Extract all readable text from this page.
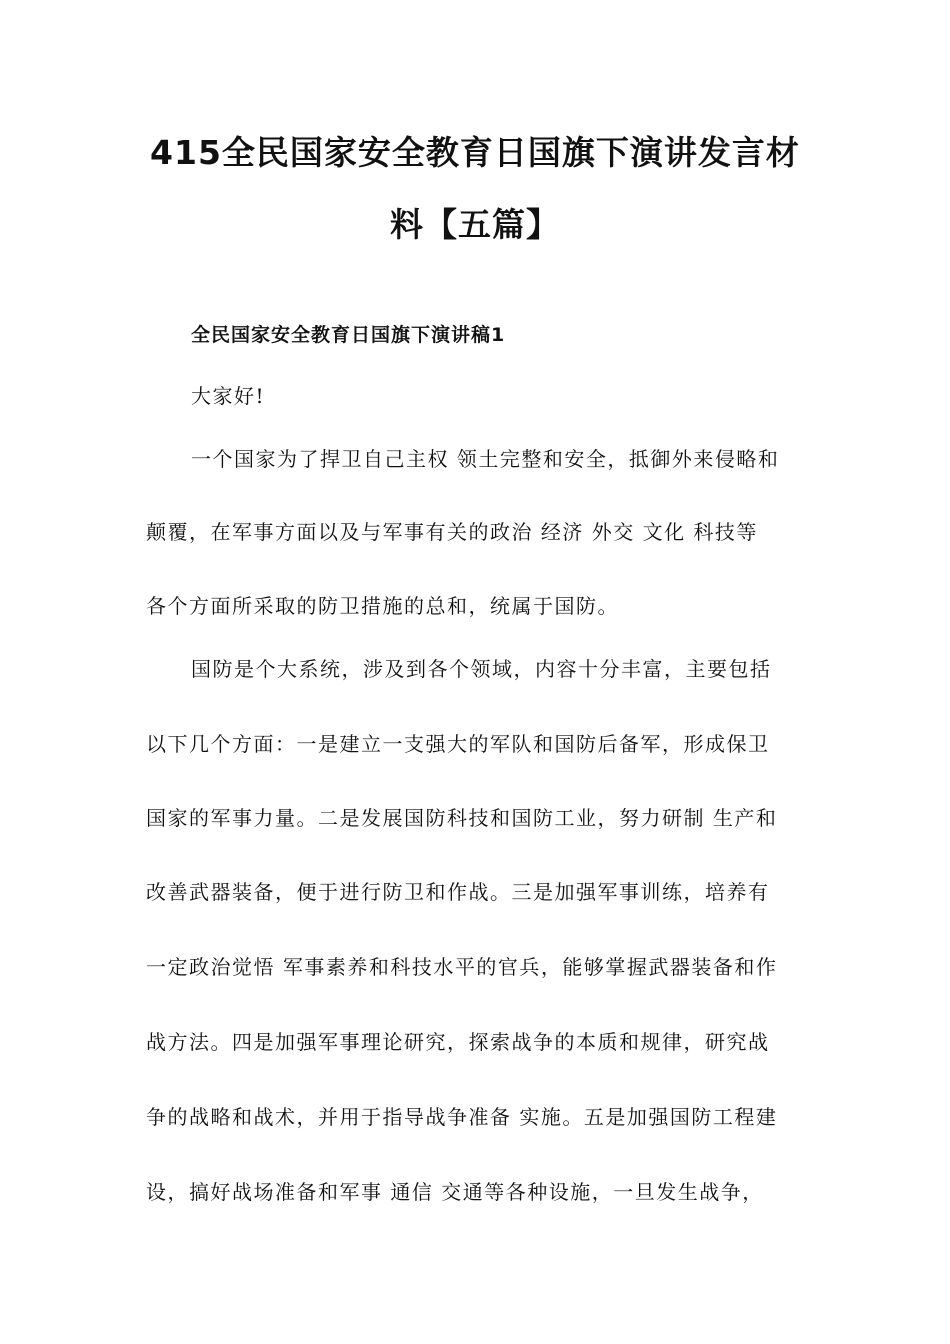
415全民国家安全教育日国旗下演讲发言材
料【五篇】
全民国家安全教育日国旗下演讲稿1
大家好!
一个国家为了捍卫自己主权 领土完整和安全，抵御外来侵略和
颠覆，在军事方面以及与军事有关的政治 经济 外交 文化 科技等
各个方面所采取的防卫措施的总和，统属于国防。
国防是个大系统，涉及到各个领域，内容十分丰富，主要包括
以下几个方面：一是建立一支强大的军队和国防后备军，形成保卫
国家的军事力量。二是发展国防科技和国防工业，努力研制 生产和
改善武器装备，便于进行防卫和作战。三是加强军事训练，培养有
一定政治觉悟 军事素养和科技水平的官兵，能够掌握武器装备和作
战方法。四是加强军事理论研究，探索战争的本质和规律，研究战
争的战略和战术，并用于指导战争准备 实施。五是加强国防工程建
设，搞好战场准备和军事 通信 交通等各种设施，一旦发生战争，
